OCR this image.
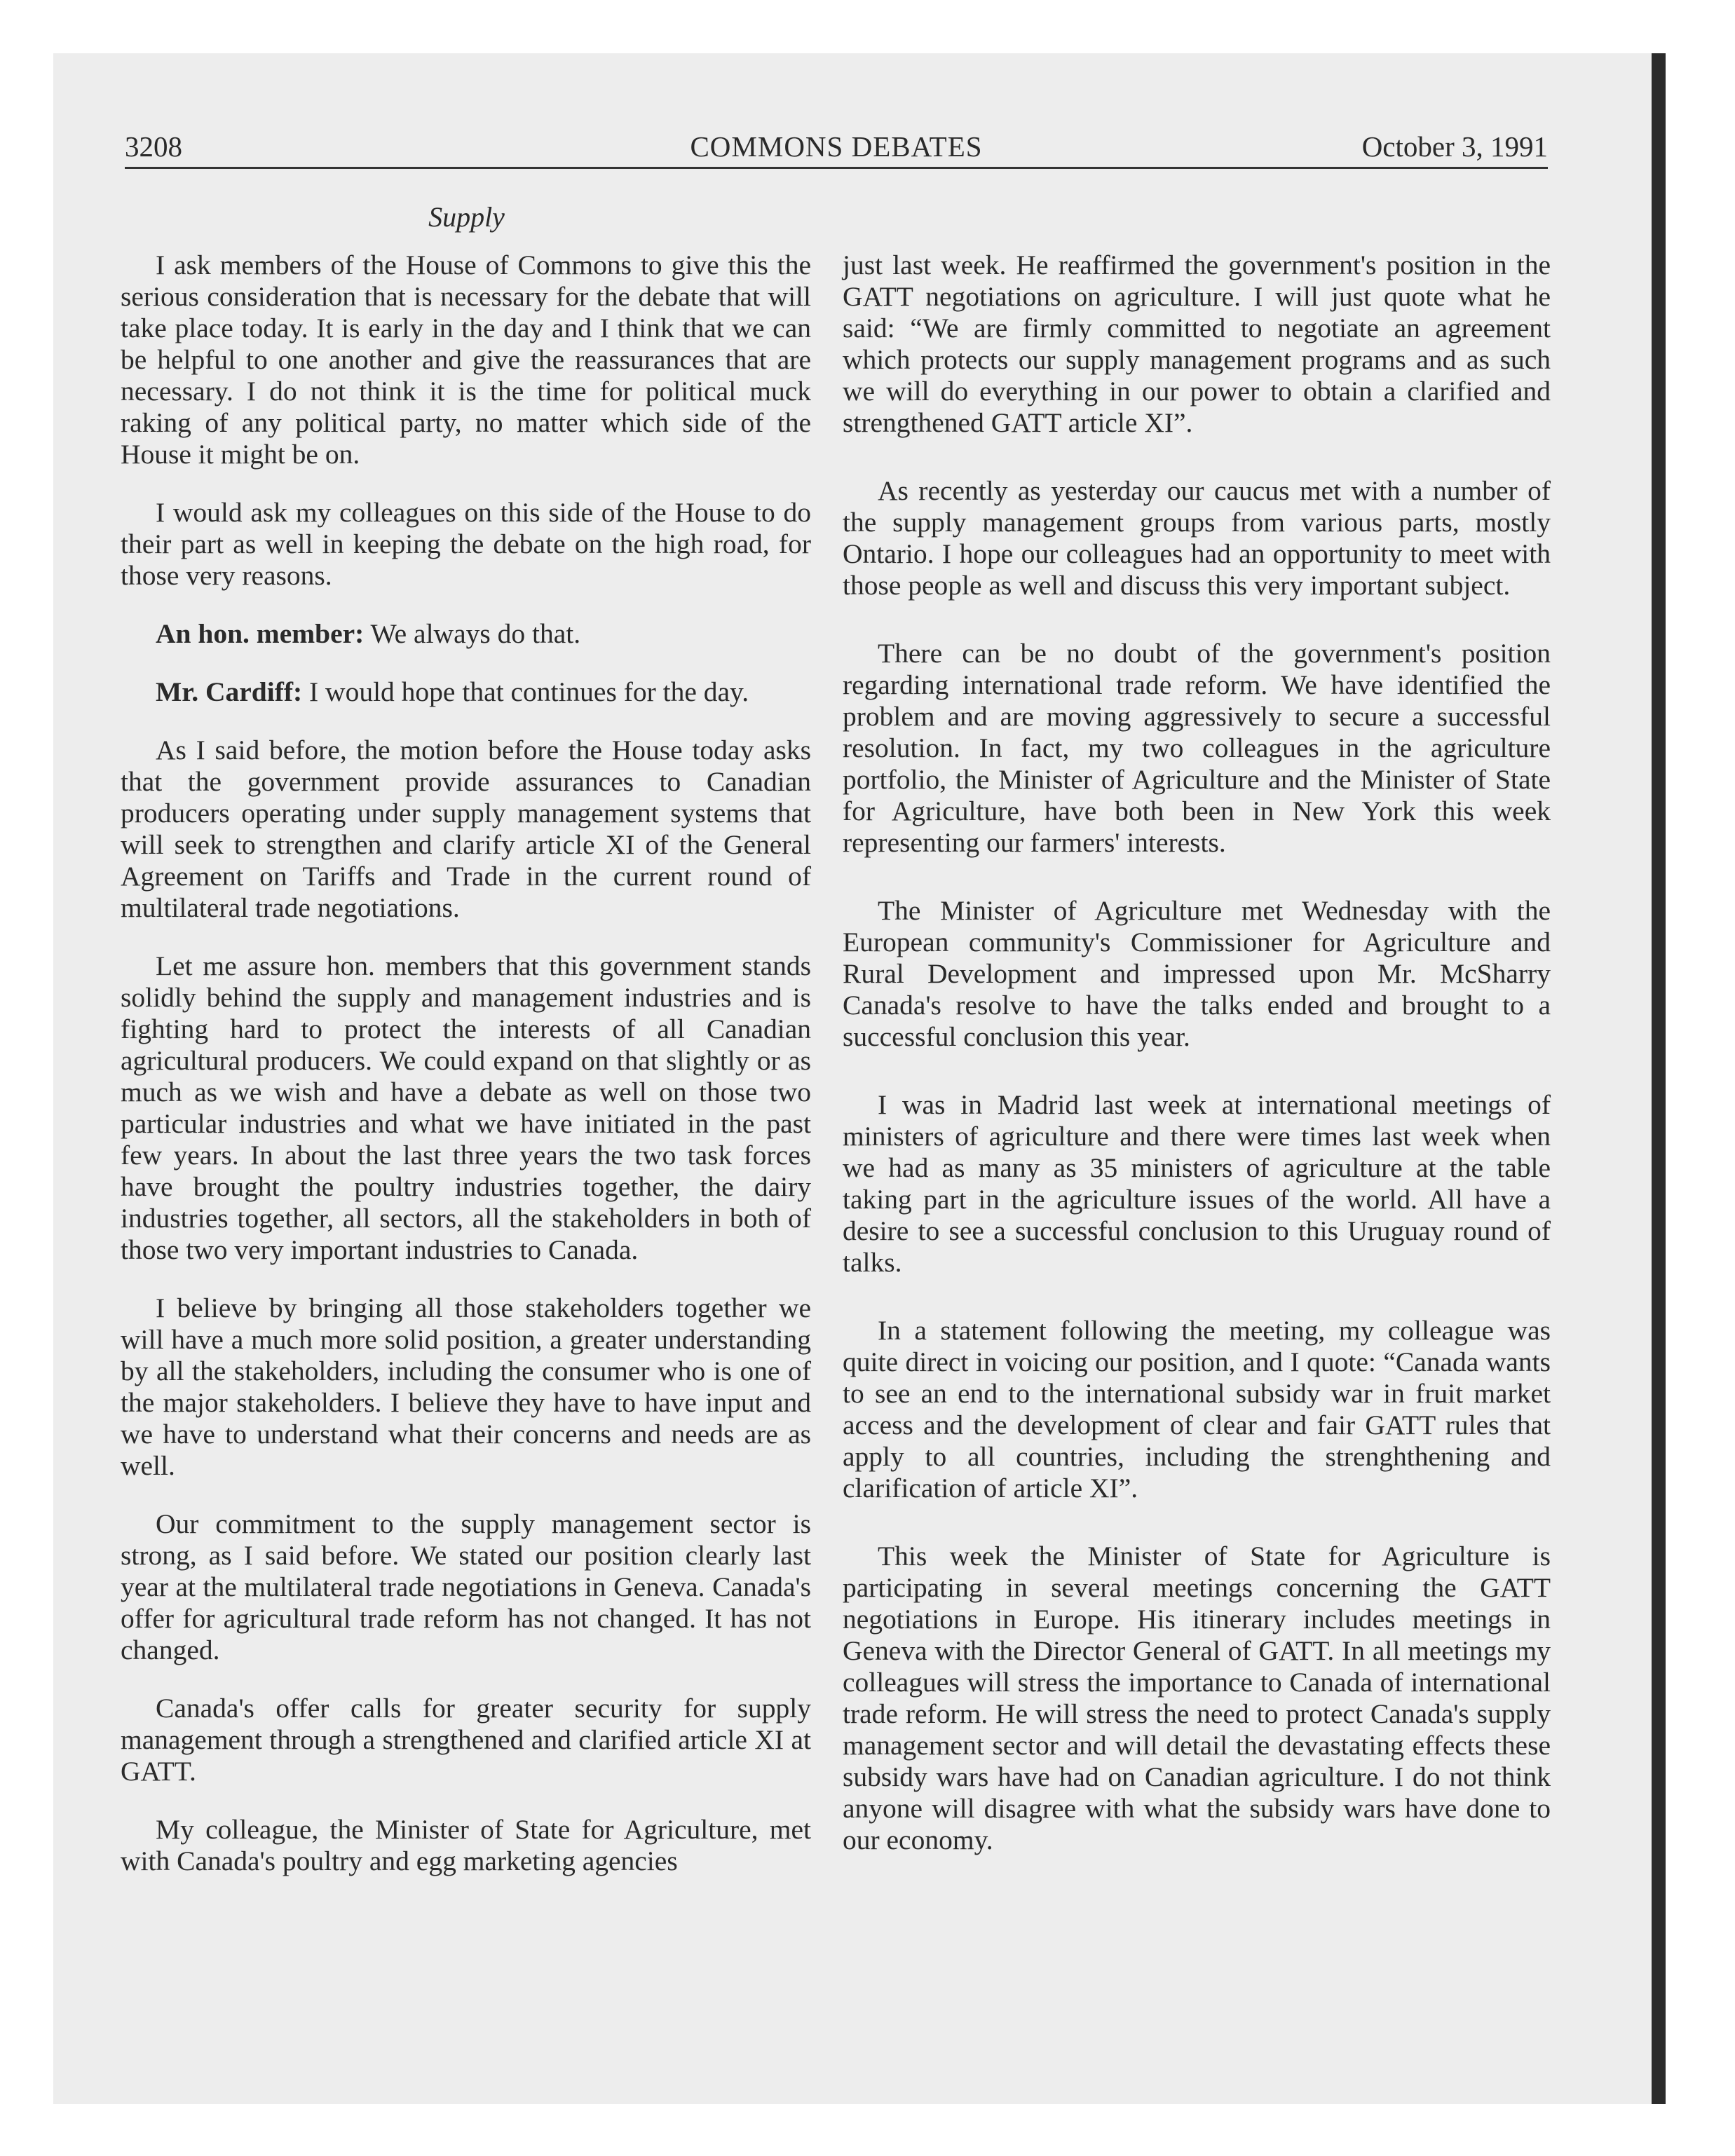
3208	COMMONS DEBATES	October 3, 1991
Supply

I ask members of the House of Commons to give this the serious consideration that is necessary for the debate that will take place today. It is early in the day and I think that we can be helpful to one another and give the reassurances that are necessary. I do not think it is the time for political muck raking of any political party, no matter which side of the House it might be on.

I would ask my colleagues on this side of the House to do their part as well in keeping the debate on the high road, for those very reasons.

An hon. member: We always do that.

Mr. Cardiff: I would hope that continues for the day.

As I said before, the motion before the House today asks that the government provide assurances to Canadian producers operating under supply management systems that will seek to strengthen and clarify article XI of the General Agreement on Tariffs and Trade in the current round of multilateral trade negotiations.

Let me assure hon. members that this government stands solidly behind the supply and management industries and is fighting hard to protect the interests of all Canadian agricultural producers. We could expand on that slightly or as much as we wish and have a debate as well on those two particular industries and what we have initiated in the past few years. In about the last three years the two task forces have brought the poultry industries together, the dairy industries together, all sectors, all the stakeholders in both of those two very important industries to Canada.

I believe by bringing all those stakeholders together we will have a much more solid position, a greater understanding by all the stakeholders, including the consumer who is one of the major stakeholders. I believe they have to have input and we have to understand what their concerns and needs are as well.

Our commitment to the supply management sector is strong, as I said before. We stated our position clearly last year at the multilateral trade negotiations in Geneva. Canada's offer for agricultural trade reform has not changed. It has not changed.

Canada's offer calls for greater security for supply management through a strengthened and clarified article XI at GATT.

My colleague, the Minister of State for Agriculture, met with Canada's poultry and egg marketing agencies

just last week. He reaffirmed the government's position in the GATT negotiations on agriculture. I will just quote what he said: “We are firmly committed to negotiate an agreement which protects our supply management programs and as such we will do everything in our power to obtain a clarified and strengthened GATT article XI”.

As recently as yesterday our caucus met with a number of the supply management groups from various parts, mostly Ontario. I hope our colleagues had an opportunity to meet with those people as well and discuss this very important subject.

There can be no doubt of the government's position regarding international trade reform. We have identified the problem and are moving aggressively to secure a successful resolution. In fact, my two colleagues in the agriculture portfolio, the Minister of Agriculture and the Minister of State for Agriculture, have both been in New York this week representing our farmers' interests.

The Minister of Agriculture met Wednesday with the European community's Commissioner for Agriculture and Rural Development and impressed upon Mr. McSharry Canada's resolve to have the talks ended and brought to a successful conclusion this year.

I was in Madrid last week at international meetings of ministers of agriculture and there were times last week when we had as many as 35 ministers of agriculture at the table taking part in the agriculture issues of the world. All have a desire to see a successful conclusion to this Uruguay round of talks.

In a statement following the meeting, my colleague was quite direct in voicing our position, and I quote: “Canada wants to see an end to the international subsidy war in fruit market access and the development of clear and fair GATT rules that apply to all countries, including the strenghthening and clarification of article XI”.

This week the Minister of State for Agriculture is participating in several meetings concerning the GATT negotiations in Europe. His itinerary includes meetings in Geneva with the Director General of GATT. In all meetings my colleagues will stress the importance to Canada of international trade reform. He will stress the need to protect Canada's supply management sector and will detail the devastating effects these subsidy wars have had on Canadian agriculture. I do not think anyone will disagree with what the subsidy wars have done to our economy.
